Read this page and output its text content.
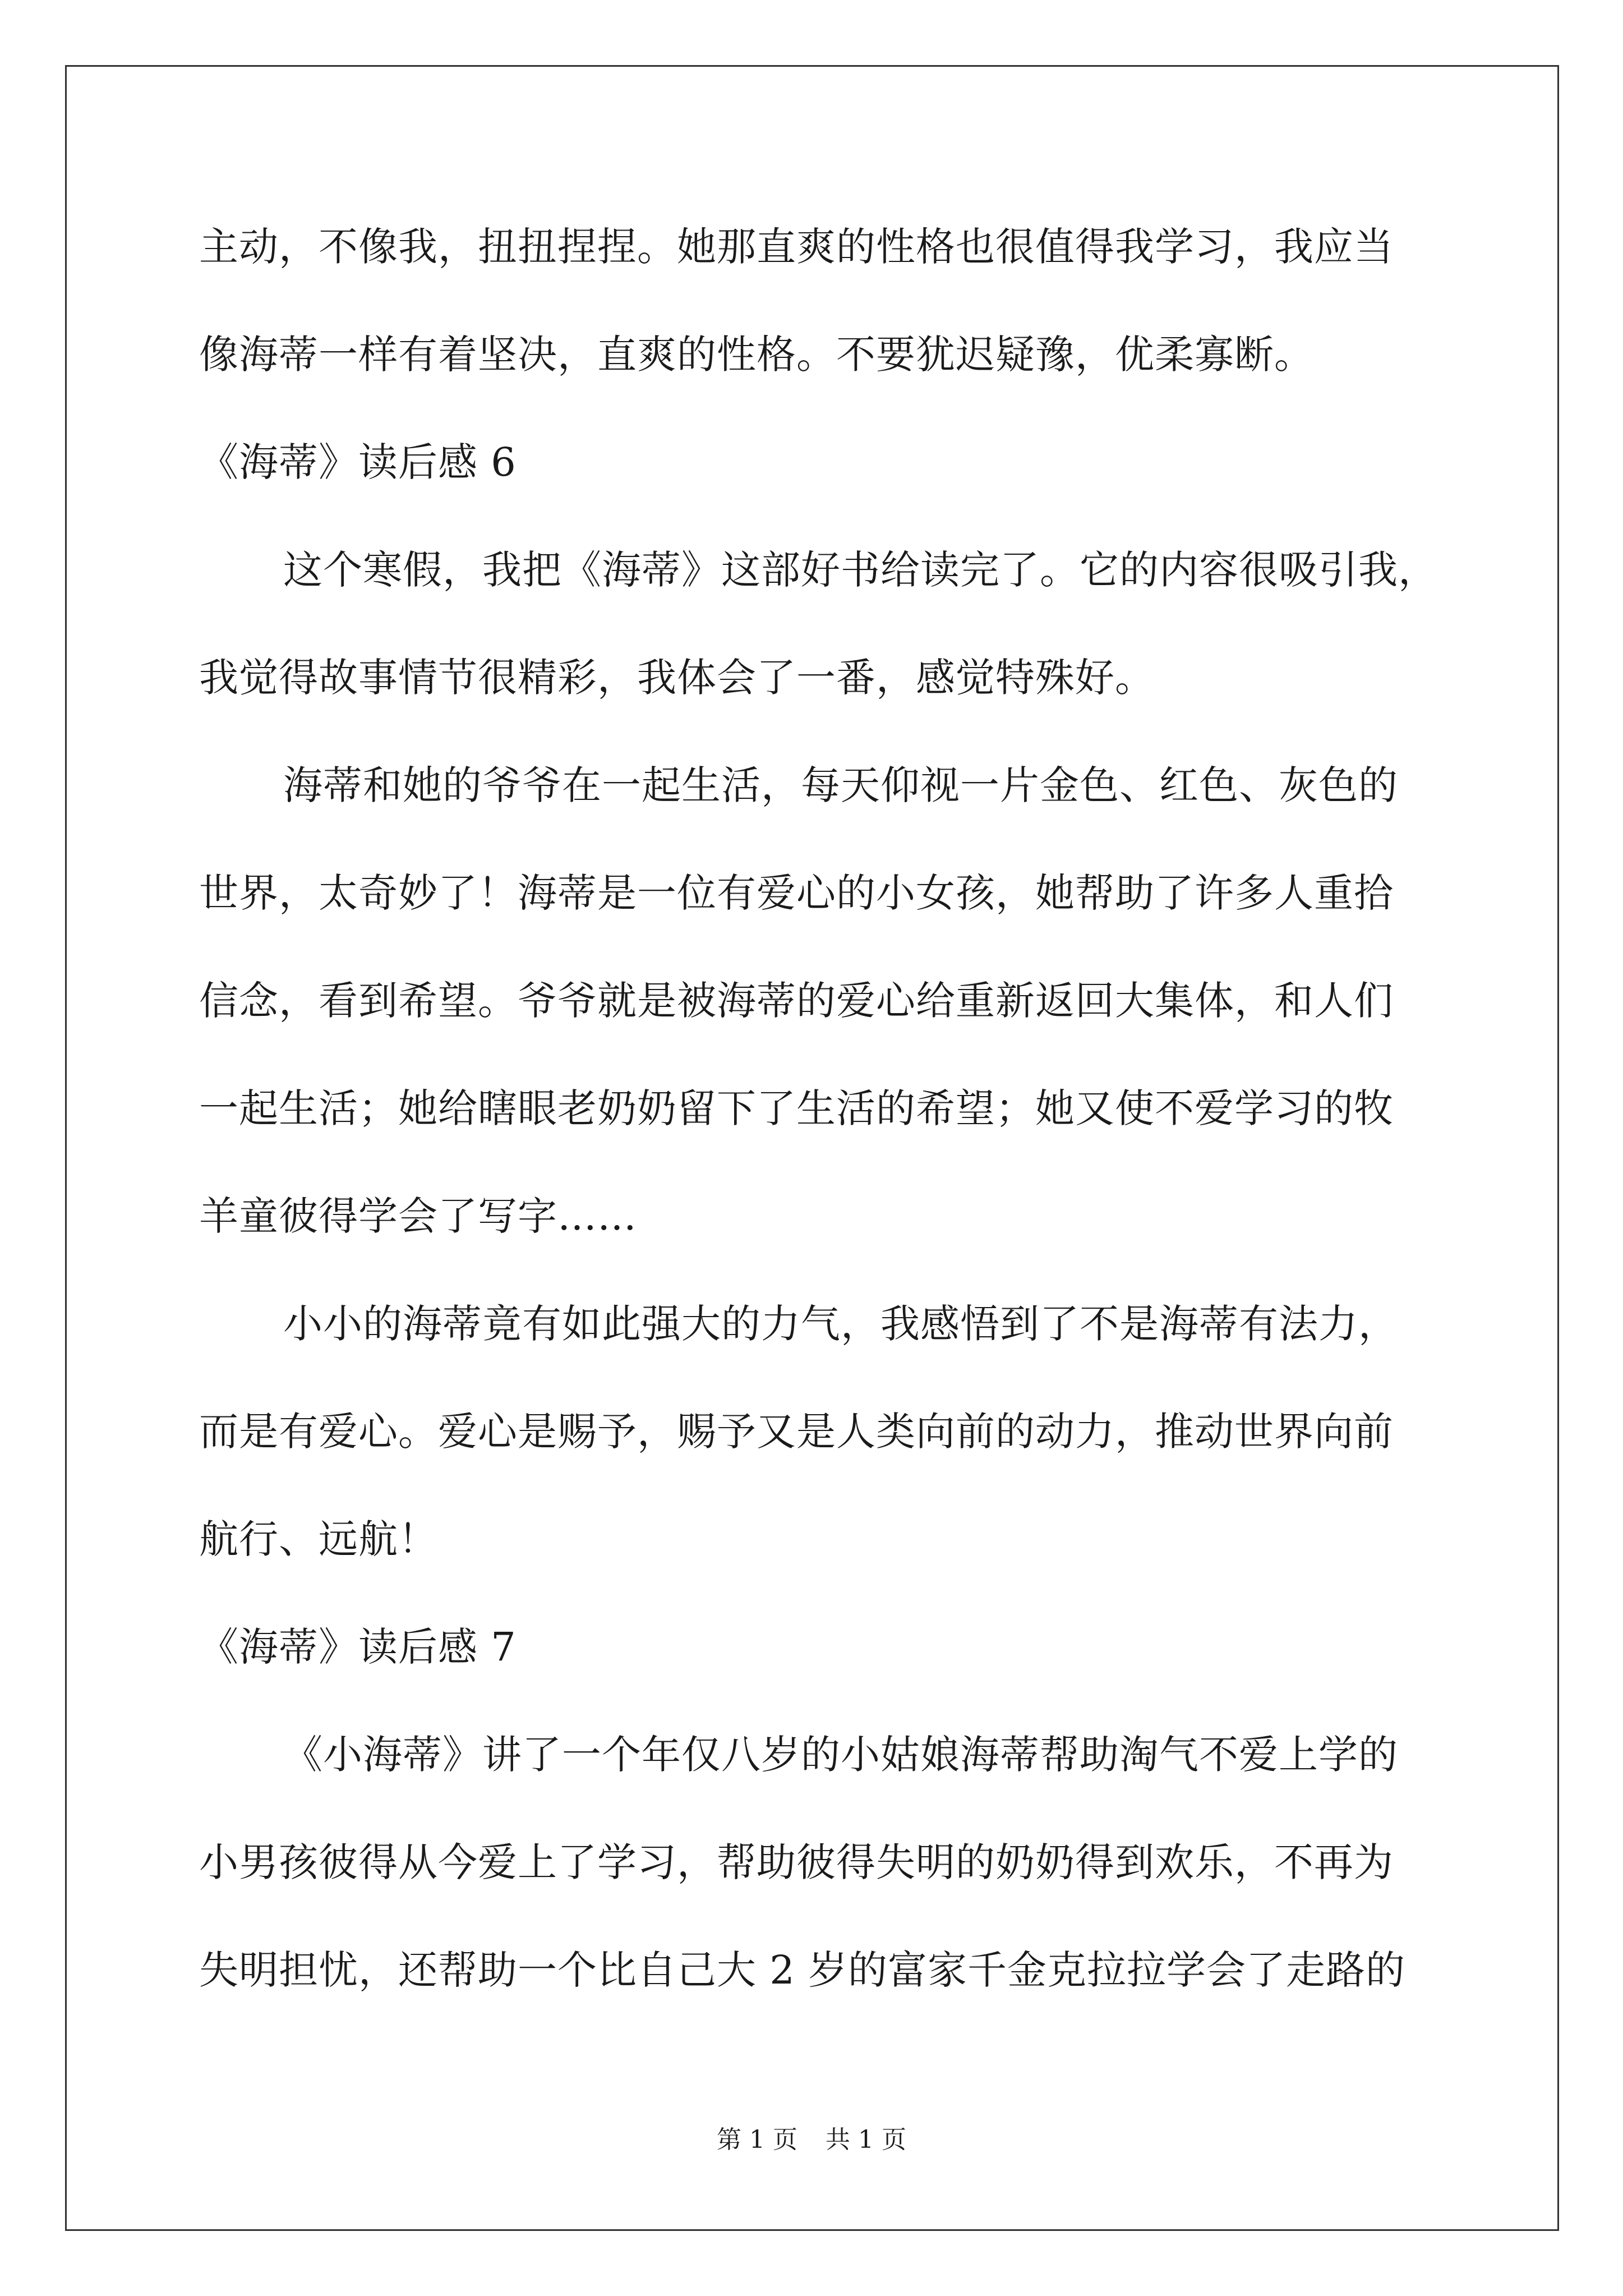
主动，不像我，扭扭捏捏。她那直爽的性格也很值得我学习，我应当
像海蒂一样有着坚决，直爽的性格。不要犹迟疑豫，优柔寡断。
《海蒂》读后感 6
这个寒假，我把《海蒂》这部好书给读完了。它的内容很吸引我，
我觉得故事情节很精彩，我体会了一番，感觉特殊好。
海蒂和她的爷爷在一起生活，每天仰视一片金色、红色、灰色的
世界，太奇妙了！海蒂是一位有爱心的小女孩，她帮助了许多人重拾
信念，看到希望。爷爷就是被海蒂的爱心给重新返回大集体，和人们
一起生活；她给瞎眼老奶奶留下了生活的希望；她又使不爱学习的牧
羊童彼得学会了写字……
小小的海蒂竟有如此强大的力气，我感悟到了不是海蒂有法力，
而是有爱心。爱心是赐予，赐予又是人类向前的动力，推动世界向前
航行、远航！
《海蒂》读后感 7
《小海蒂》讲了一个年仅八岁的小姑娘海蒂帮助淘气不爱上学的
小男孩彼得从今爱上了学习，帮助彼得失明的奶奶得到欢乐，不再为
失明担忧，还帮助一个比自己大 2 岁的富家千金克拉拉学会了走路的
第 1 页 共 1 页
